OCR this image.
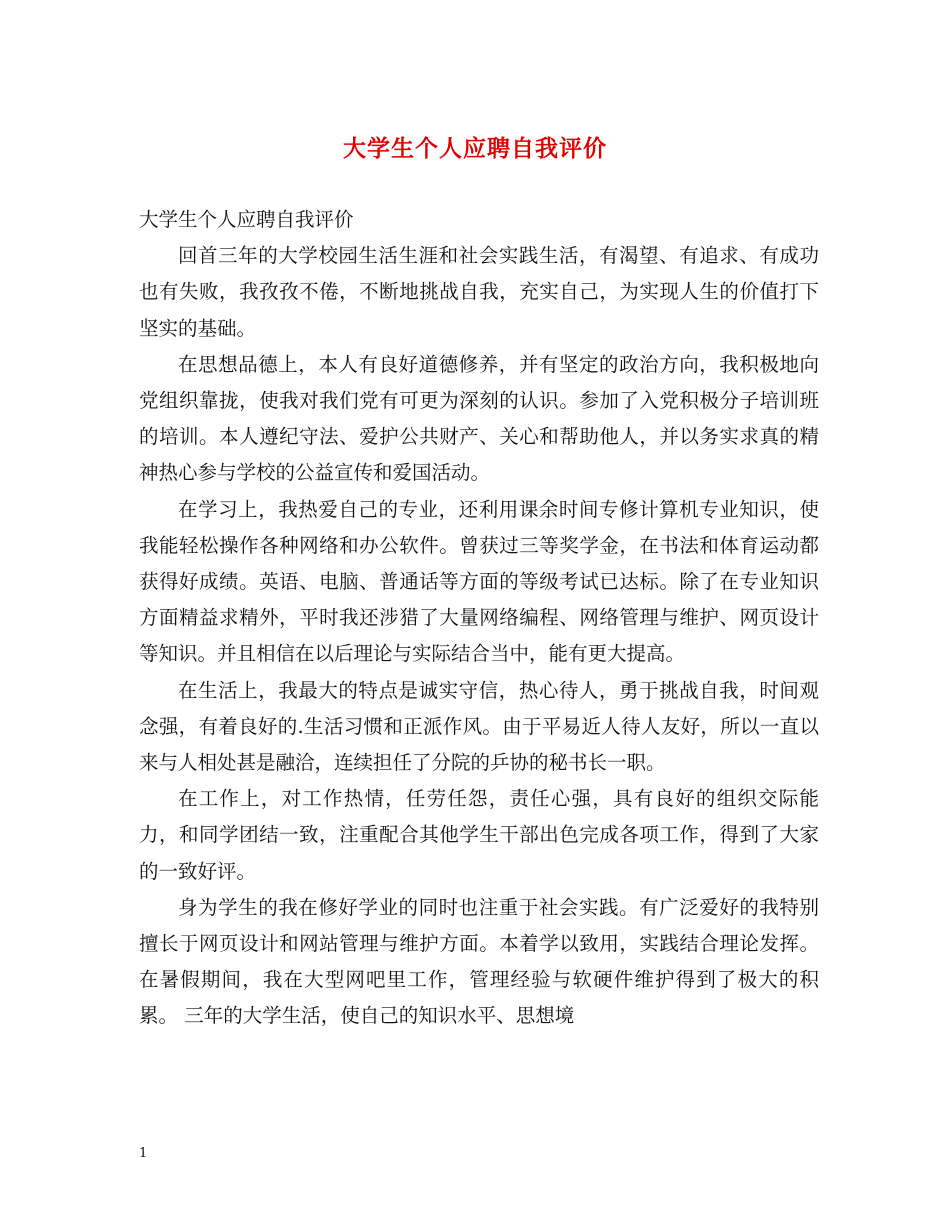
大学生个人应聘自我评价

大学生个人应聘自我评价

回首三年的大学校园生活生涯和社会实践生活，有渴望、有追求、有成功也有失败，我孜孜不倦，不断地挑战自我，充实自己，为实现人生的价值打下坚实的基础。

在思想品德上，本人有良好道德修养，并有坚定的政治方向，我积极地向党组织靠拢，使我对我们党有可更为深刻的认识。参加了入党积极分子培训班的培训。本人遵纪守法、爱护公共财产、关心和帮助他人，并以务实求真的精神热心参与学校的公益宣传和爱国活动。

在学习上，我热爱自己的专业，还利用课余时间专修计算机专业知识，使我能轻松操作各种网络和办公软件。曾获过三等奖学金，在书法和体育运动都获得好成绩。英语、电脑、普通话等方面的等级考试已达标。除了在专业知识方面精益求精外，平时我还涉猎了大量网络编程、网络管理与维护、网页设计等知识。并且相信在以后理论与实际结合当中，能有更大提高。

在生活上，我最大的特点是诚实守信，热心待人，勇于挑战自我，时间观念强，有着良好的.生活习惯和正派作风。由于平易近人待人友好，所以一直以来与人相处甚是融洽，连续担任了分院的乒协的秘书长一职。

在工作上，对工作热情，任劳任怨，责任心强，具有良好的组织交际能力，和同学团结一致，注重配合其他学生干部出色完成各项工作，得到了大家的一致好评。

身为学生的我在修好学业的同时也注重于社会实践。有广泛爱好的我特别擅长于网页设计和网站管理与维护方面。本着学以致用，实践结合理论发挥。在暑假期间，我在大型网吧里工作，管理经验与软硬件维护得到了极大的积累。 三年的大学生活，使自己的知识水平、思想境

1
